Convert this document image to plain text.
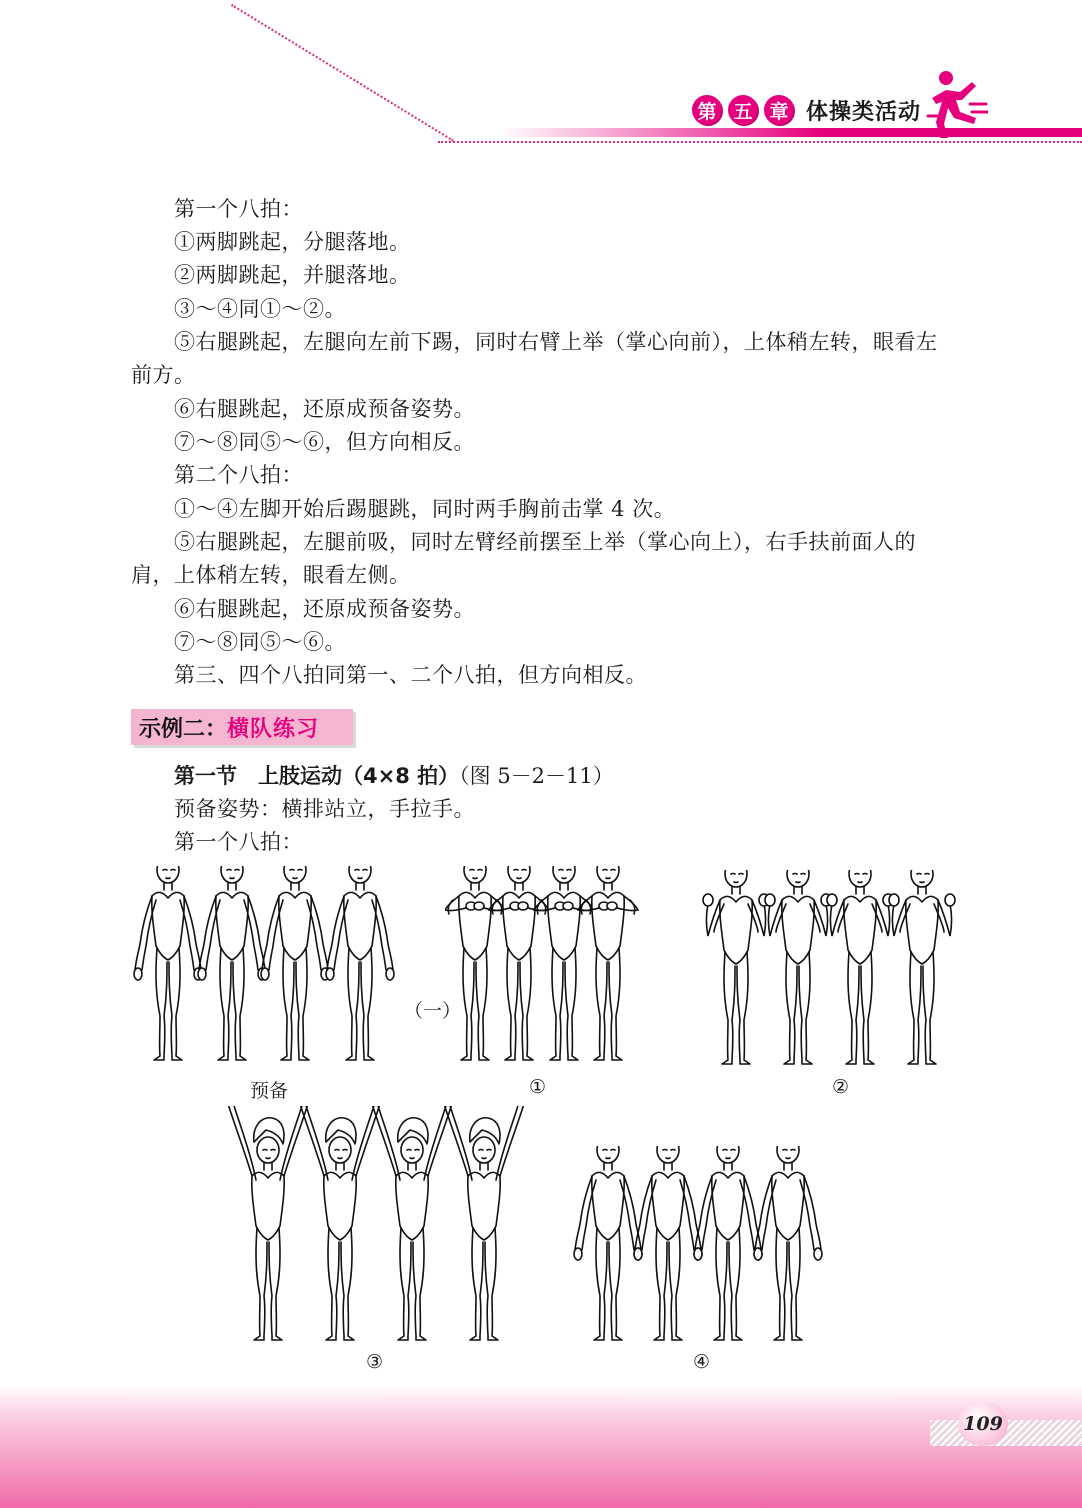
第 五 章 体操类活动
第一个八拍：
①两脚跳起，分腿落地。
②两脚跳起，并腿落地。
③～④同①～②。
⑤右腿跳起，左腿向左前下踢，同时右臂上举（掌心向前），上体稍左转，眼看左
前方。
⑥右腿跳起，还原成预备姿势。
⑦～⑧同⑤～⑥，但方向相反。
第二个八拍：
①～④左脚开始后踢腿跳，同时两手胸前击掌 4 次。
⑤右腿跳起，左腿前吸，同时左臂经前摆至上举（掌心向上），右手扶前面人的
肩，上体稍左转，眼看左侧。
⑥右腿跳起，还原成预备姿势。
⑦～⑧同⑤～⑥。
第三、四个八拍同第一、二个八拍，但方向相反。
示例二： 横队练习
第一节　上肢运动（4×8 拍）（图 5－2－11）
预备姿势：横排站立，手拉手。
第一个八拍：
（一）
预备	①	②
③	④
109
